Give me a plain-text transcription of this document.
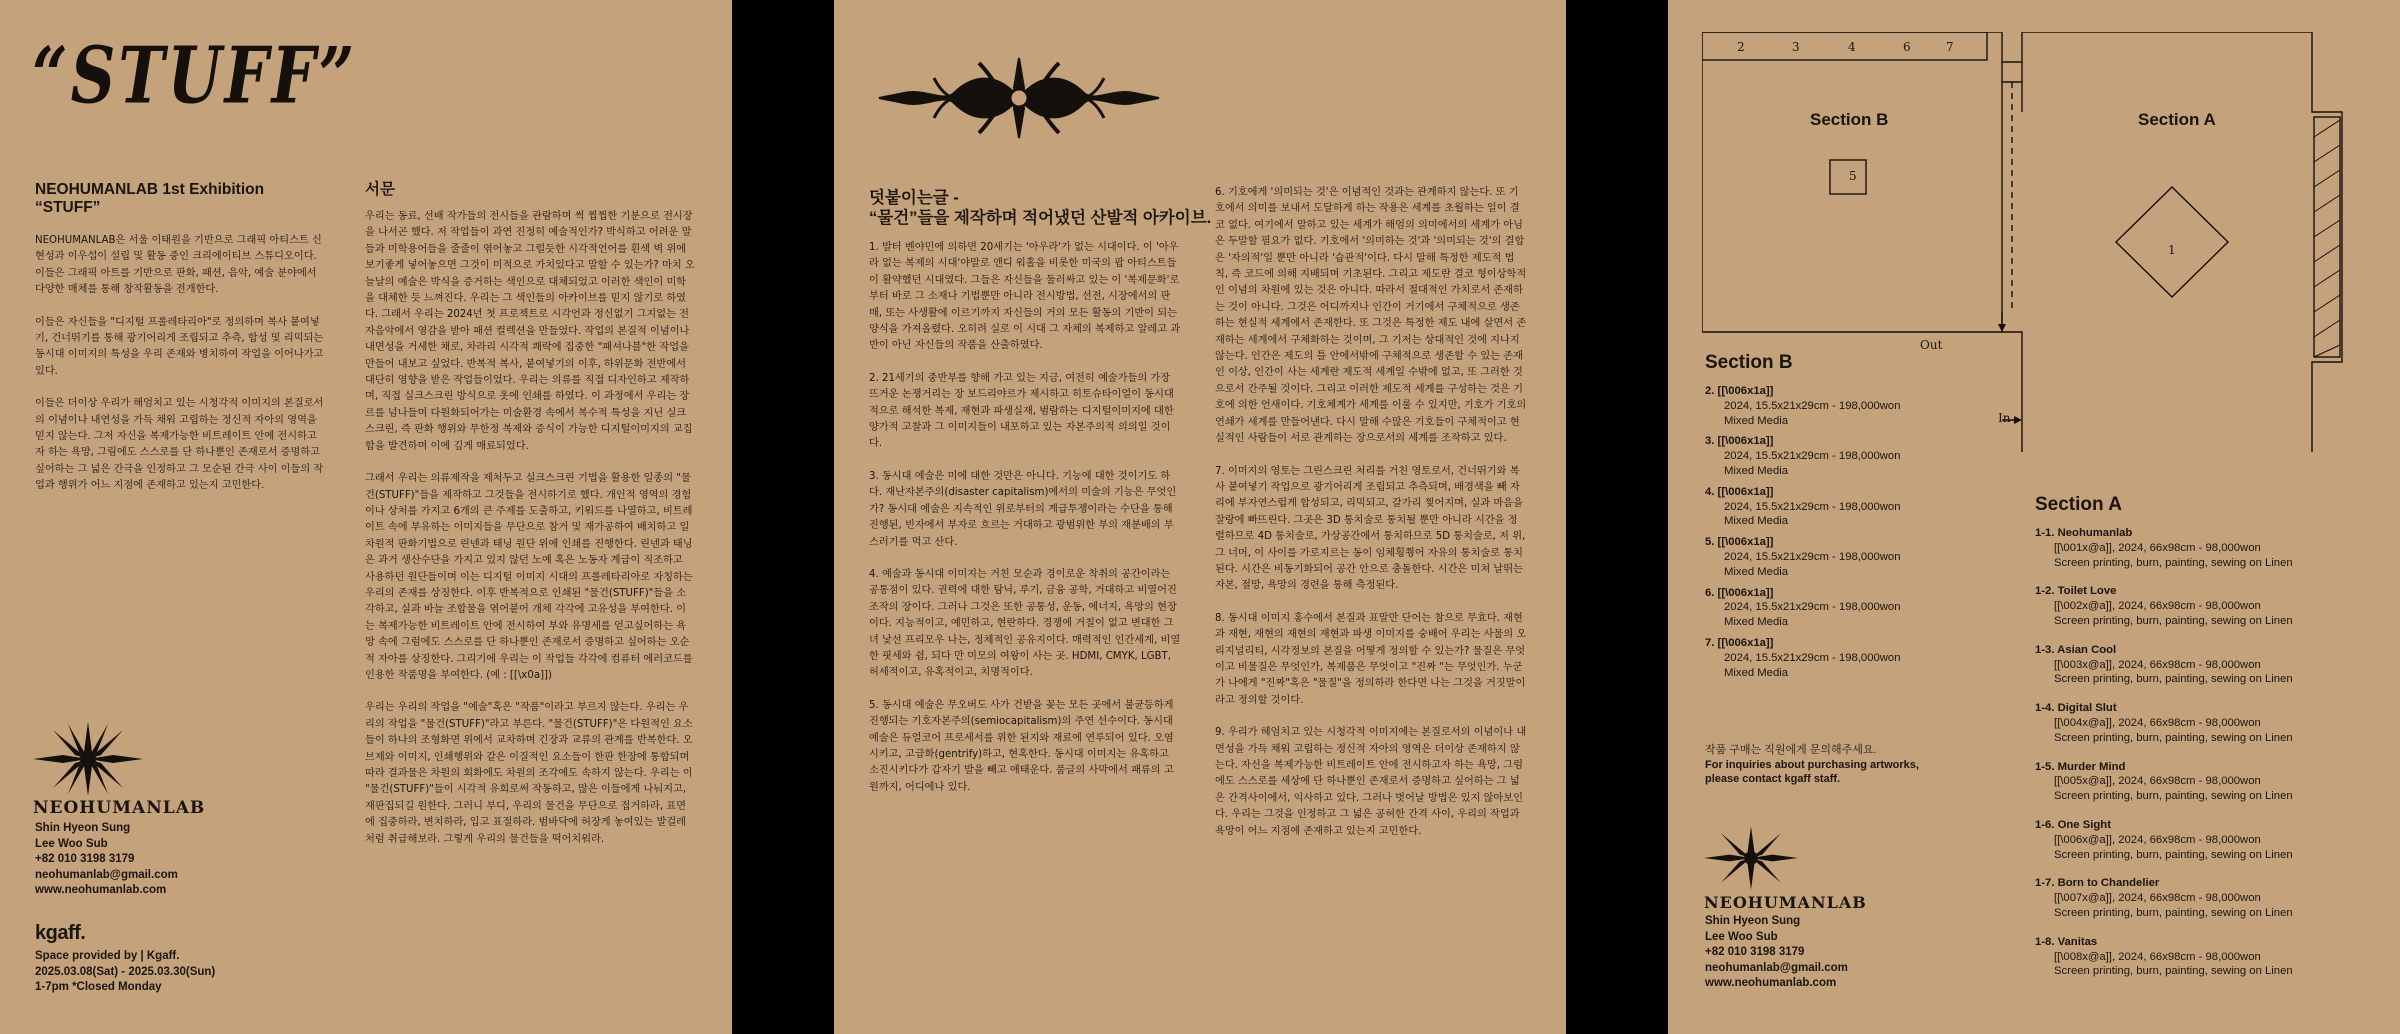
“STUFF”
NEOHUMANLAB 1st Exhibition
“STUFF”

NEOHUMANLAB은 서울 이태원을 기반으로 그래픽 아티스트 신현성과 이우섭이 설립 및 활동 중인 크리에이티브 스튜디오이다. 이들은 그래픽 아트를 기반으로 판화, 패션, 음악, 예술 분야에서 다양한 매체를 통해 창작활동을 전개한다.

이들은 자신들을 "디지털 프롤레타리아"로 정의하며 복사 붙여넣기, 건너뛰기를 통해 광기어리게 조립되고 추측, 합성 및 리믹되는 동시대 이미지의 특성을 우리 존재와 병치하여 작업을 이어나가고 있다.

이들은 더이상 우리가 해엄치고 있는 시청각적 이미지의 본질로서의 이념이나 내연성을 가득 채워 고립하는 정신적 자아의 영역을 믿지 않는다. 그저 자신을 복제가능한 비트레이트 안에 전시하고자 하는 욕망, 그림에도 스스로를 단 하나뿐인 존재로서 증명하고 싶어하는 그 넓은 간극을 인정하고 그 모순된 간극 사이 이들의 작업과 행위가 어느 지점에 존재하고 있는지 고민한다.

서문

우리는 동료, 선배 작가들의 전시들을 관람하며 썩 찝찝한 기분으로 전시장을 나서곤 했다. 저 작업들이 과연 진정히 예술적인가? 박식하고 어려운 말들과 미학용어들을 줄줄이 엮어놓고 그럴듯한 시각적언어를 흰색 벽 위에 보기좋게 넣어놓으면 그것이 미적으로 가치있다고 말할 수 있는가? 마치 오늘날의 예술은 박식을 증거하는 색인으로 대체되었고 이러한 색인이 미학을 대체한 듯 느껴진다. 우리는 그 색인들의 아카이브를 믿지 않기로 하였다. 그래서 우리는 2024년 첫 프로젝트로 시각언과 정신없기 그지없는 전자음악에서 영감을 받아 패션 컬렉션을 만들었다. 작업의 본질적 이념이나 내면성을 거세한 채로, 차라리 시각적 쾌락에 집중한 "패셔나블"한 작업을 만들어 내보고 싶었다. 반복적 복사, 붙여넣기의 이후, 하위문화 전반에서 대단히 영향을 받은 작업들이었다. 우리는 의류를 직접 디자인하고 제작하며, 직접 실크스크린 방식으로 옷에 인쇄를 하였다. 이 과정에서 우리는 장르를 넘나들며 다원화되어가는 미술환경 속에서 복수적 특성을 지닌 실크스크린, 즉 판화 행위와 무한정 복제와 증식이 가능한 디지털이미지의 교집합을 발견하며 이에 깊게 매료되었다.

그래서 우리는 의류제작을 제처두고 실크스크린 기법을 활용한 일종의 "물건(STUFF)"들을 제작하고 그것들을 전시하기로 했다. 개인적 영역의 경험이나 상처를 가지고 6개의 큰 주제를 도출하고, 키워드를 나열하고, 비트레이트 속에 부유하는 이미지들을 무단으로 참거 및 재가공하여 배치하고 일차원적 판화기법으로 린넨과 태닝 원단 위에 인쇄를 진행한다. 린넨과 태닝은 과거 생산수단을 가지고 있지 않던 노예 혹은 노동자 계급이 직조하고 사용하던 원단들이며 이는 디지털 이미지 시대의 프롤레타리아로 자칭하는 우리의 존재를 상징한다. 이후 반복적으로 인쇄된 "물건(STUFF)"들을 소각하고, 실과 바늘 조합물을 엮어붙어 개체 각각에 고유성을 부여한다. 이는 복제가능한 비트레이트 안에 전시하여 부와 유명세를 얻고싶어하는 욕망 속에 그럼에도 스스로를 단 하나뿐인 존재로서 증명하고 싶어하는 오순적 자아를 상징한다. 그리기에 우리는 이 작업들 각각에 컴퓨터 에러코드를 인용한 작품명을 부여한다. (예 : [[\x0a]])

우리는 우리의 작업을 "예술"혹은 "작품"이라고 부르지 않는다. 우리는 우리의 작업을 "물건(STUFF)"라고 부른다. "물건(STUFF)"은 다원적인 요소들이 하나의 조형화면 위에서 교차하며 긴장과 교류의 관계를 반복한다. 오브제와 이미지, 인쇄행위와 같은 이질적인 요소들이 한판 한장에 통합되며 따라 결과물은 차원의 회화에도 차원의 조각에도 속하지 않는다. 우리는 이 "물건(STUFF)"들이 시각적 유희로써 작동하고, 많은 이들에게 나눠지고, 재판집되길 원한다. 그러니 부디, 우리의 물건을 무단으로 접거하라, 표면에 집중하라, 변치하라, 입고 표절하라. 범바닥에 허장게 놓여있는 발걸레처럼 취급해보라. 그렇게 우리의 물건들을 떡어치워라.

NEOHUMANLAB
Shin Hyeon Sung
Lee Woo Sub
+82 010 3198 3179
neohumanlab@gmail.com
www.neohumanlab.com
kgaff.
Space provided by | Kgaff.
2025.03.08(Sat) - 2025.03.30(Sun)
1-7pm *Closed Monday
덧붙이는글 -
“물건”들을 제작하며 적어냈던 산발적 아카이브.

1. 발터 벤야민에 의하면 20세기는 '아우라'가 없는 시대이다. 이 '아우라 없는 복제의 시대'야말로 앤디 워홀을 비롯한 미국의 팝 아티스트들이 활약했던 시대였다. 그들은 자신들을 둘러싸고 있는 이 '복제문화'로부터 바로 그 소재나 기법뿐만 아니라 전시방법, 선전, 시장에서의 판매, 또는 사생활에 이르기까지 자신들의 거의 모든 활동의 기반이 되는 양식을 가져올렸다. 오히려 실로 이 시대 그 자체의 복제하고 알레고 과반이 아닌 자신들의 작품을 산출하였다.

2. 21세기의 중반부를 향해 가고 있는 지금, 여전히 예술가들의 가장 뜨거운 논쟁거리는 장 보드리야르가 제시하고 히토슈타이얼이 동시대적으로 해석한 복제, 재현과 파생실재, 범람하는 디지털이미지에 대한 양가적 고찰과 그 이미지들이 내포하고 있는 자본주의적 의의일 것이다.

3. 동시대 예술은 미에 대한 것만은 아니다. 기능에 대한 것이기도 하다. 재난자본주의(disaster capitalism)에서의 미술의 기능은 무엇인가? 동시대 예술은 지속적인 위로부터의 계급투쟁이라는 수단을 통해 진행된, 빈자에서 부자로 흐르는 거대하고 광범위한 부의 재분배의 부스러기를 먹고 산다.

4. 예술과 동시대 이미지는 거친 모순과 경이로운 착취의 공간이라는 공통점이 있다. 권력에 대한 탐닉, 루기, 금융 공학, 거대하고 비열어진 조작의 장이다. 그러나 그것은 또한 공통성, 운동, 에너지, 욕망의 현장이다. 지능적이고, 예민하고, 현란하다. 경쟁에 거칠이 없고 변대한 그녀 낯선 프리모우 나는, 정체적인 공유지이다. 매력적인 인간세계, 비열한 핏세와 쉼, 되다 만 미모의 여왕이 사는 곳. HDMI, CMYK, LGBT, 허세적이고, 유혹적이고, 치명적이다.

5. 동시대 예술은 무오버도 사가 건받을 꽂는 모든 곳에서 불균등하게 진행되는 기호자본주의(semiocapitalism)의 주연 선수이다. 동시대 예술은 듀얼코어 프로세서를 위한 된지와 재료에 연루되어 있다. 오염시키고, 고급화(gentrify)하고, 현혹한다. 동시대 이미지는 유혹하고 소진시키다가 갑자기 발을 빼고 애태운다. 품글의 사막에서 패류의 고원까지, 어디에나 있다.

6. 기호에게 '의미되는 것'은 이념적인 것과는 관계하지 않는다. 또 기호에서 의미를 보내서 도달하게 하는 작용은 세계를 초월하는 일이 결코 없다. 여기에서 말하고 있는 세계가 해엄의 의미에서의 세계가 아님은 두말할 필요가 없다. 기호에서 '의미하는 것'과 '의미되는 것'의 결합은 '자의적'일 뿐만 아니라 '습관적'이다. 다시 말해 특정한 제도적 법칙, 즉 코드에 의해 지배되며 기초된다. 그리고 제도란 결코 형이상학적인 이념의 차원에 있는 것은 아니다. 따라서 절대적인 가치로서 존재하는 것이 아니다. 그것은 어디까지나 인간이 거기에서 구체적으로 생존하는 현실적 세계에서 존재한다. 또 그것은 특정한 제도 내에 살면서 존재하는 세계에서 구체화하는 것이며, 그 기저는 상대적인 것에 지나지 않는다. 인간은 제도의 틀 안에서밖에 구체적으로 생존할 수 있는 존재인 이상, 인간이 사는 세계란 제도적 세계일 수밖에 없고, 또 그러한 것으로서 간주될 것이다. 그리고 이러한 제도적 세계를 구성하는 것은 기호에 의한 언새이다. 기호체계가 세계를 이룰 수 있지만, 기호가 기호의 연쇄가 세계를 만들어낸다. 다시 말해 수많은 기호들이 구체적이고 현실적인 사람들이 서로 관계하는 장으로서의 세계를 조작하고 있다.

7. 이미지의 영토는 그린스크린 처리를 거친 영토로서, 건너뛰기와 복사 붙여넣기 작업으로 광기어리게 조립되고 추측되며, 배경색을 빼 자리에 부자연스럽게 합성되고, 리믹되고, 갈가리 찢어지며, 실과 마음을 잘랑에 빠뜨린다. 그곳은 3D 통치술로 통치될 뿐만 아니라 시간을 정렬하므로 4D 통치술로, 가상공간에서 통치하므로 5D 통치술로, 저 위, 그 너머, 이 사이를 가로지르는 동이 임체횡쭹어 자유의 통치술로 통치된다. 시간은 비동기화되어 공간 안으로 충돌한다. 시간은 미쳐 날뛰는 자본, 절망, 욕망의 경련을 통해 측정된다.

8. 동시대 이미지 홍수에서 본질과 표말만 단어는 참으로 무효다. 재현과 재현, 재현의 재현의 재현과 파생 이미지를 숭배어 우리는 사물의 오리지널리티, 시각정보의 본질을 어떻게 정의할 수 있는가? 물질은 무엇이고 비물질은 무엇인가, 복제품은 무엇이고 "진짜 "는 무엇인가. 누군가 나에게 "진짜"혹은 "물질"을 정의하라 한다면 나는 그것을 거짓말이라고 정의할 것이다.

9. 우리가 헤엄치고 있는 시청각적 이미지에는 본질로서의 이념이나 내면성을 가득 채워 고립하는 정신적 자아의 영역은 더이상 존재하지 않는다. 자신을 복제가능한 비트레이트 안에 전시하고자 하는 욕망, 그럼에도 스스로를 세상에 단 하나뿐인 존재로서 증명하고 싶어하는 그 넓은 간격사이에서, 익사하고 있다. 그러나 벗어날 방법은 있지 않아보인다. 우리는 그것을 인정하고 그 넓은 공허한 간격 사이, 우리의 작업과 욕망이 어느 지점에 존재하고 있는지 고민한다.

2	3	4	6	7
5
1
Out
In
Section B	Section A
Section B
2. [[\006x1a]]
2024, 15.5x21x29cm - 198,000won
Mixed Media
3. [[\006x1a]]
2024, 15.5x21x29cm - 198,000won
Mixed Media
4. [[\006x1a]]
2024, 15.5x21x29cm - 198,000won
Mixed Media
5. [[\006x1a]]
2024, 15.5x21x29cm - 198,000won
Mixed Media
6. [[\006x1a]]
2024, 15.5x21x29cm - 198,000won
Mixed Media
7. [[\006x1a]]
2024, 15.5x21x29cm - 198,000won
Mixed Media
작품 구매는 직원에게 문의해주세요.
For inquiries about purchasing artworks,
please contact kgaff staff.
NEOHUMANLAB
Shin Hyeon Sung
Lee Woo Sub
+82 010 3198 3179
neohumanlab@gmail.com
www.neohumanlab.com
Section A
1-1. Neohumanlab
[[\001x@a]], 2024, 66x98cm - 98,000won
Screen printing, burn, painting, sewing on Linen
1-2. Toilet Love
[[\002x@a]], 2024, 66x98cm - 98,000won
Screen printing, burn, painting, sewing on Linen
1-3. Asian Cool
[[\003x@a]], 2024, 66x98cm - 98,000won
Screen printing, burn, painting, sewing on Linen
1-4. Digital Slut
[[\004x@a]], 2024, 66x98cm - 98,000won
Screen printing, burn, painting, sewing on Linen
1-5. Murder Mind
[[\005x@a]], 2024, 66x98cm - 98,000won
Screen printing, burn, painting, sewing on Linen
1-6. One Sight
[[\006x@a]], 2024, 66x98cm - 98,000won
Screen printing, burn, painting, sewing on Linen
1-7. Born to Chandelier
[[\007x@a]], 2024, 66x98cm - 98,000won
Screen printing, burn, painting, sewing on Linen
1-8. Vanitas
[[\008x@a]], 2024, 66x98cm - 98,000won
Screen printing, burn, painting, sewing on Linen
